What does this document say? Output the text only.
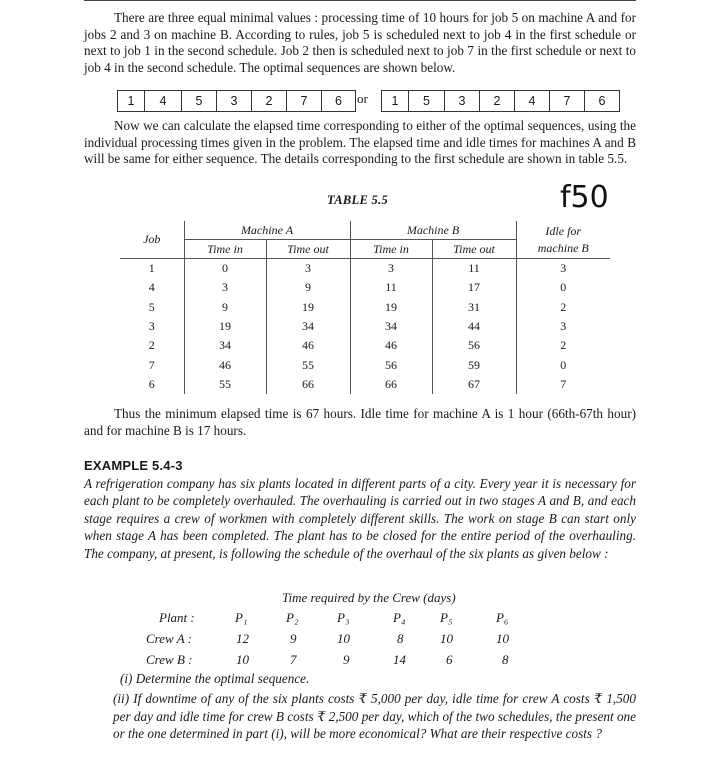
There are three equal minimal values : processing time of 10 hours for job 5 on machine A and for jobs 2 and 3 on machine B. According to rules, job 5 is scheduled next to job 4 in the first schedule or next to job 1 in the second schedule. Job 2 then is scheduled next to job 7 in the first schedule or next to job 4 in the second schedule. The optimal sequences are shown below.

1	4	5	3	2	7	6	or	1	5	3	2	4	7	6

Now we can calculate the elapsed time corresponding to either of the optimal sequences, using the individual processing times given in the problem. The elapsed time and idle times for machines A and B will be same for either sequence. The details corresponding to the first schedule are shown in table 5.5.

TABLE 5.5	f50
Job	Machine A		Machine B		Idle for
machine B
	Time in	Time out	Time in	Time out	
1	0	3	3	11	3
4	3	9	11	17	0
5	9	19	19	31	2
3	19	34	34	44	3
2	34	46	46	56	2
7	46	55	56	59	0
6	55	66	66	67	7

Thus the minimum elapsed time is 67 hours. Idle time for machine A is 1 hour (66th-67th hour) and for machine B is 17 hours.

EXAMPLE 5.4-3

A refrigeration company has six plants located in different parts of a city. Every year it is necessary for each plant to be completely overhauled. The overhauling is carried out in two stages A and B, and each stage requires a crew of workmen with completely different skills. The work on stage B can start only when stage A has been completed. The plant has to be closed for the entire period of the overhauling. The company, at present, is following the schedule of the overhaul of the six plants as given below :

Time required by the Crew (days)
Plant :	P₁	P₂	P₃	P₄	P₅	P₆
Crew A :	12	9	10	8	10	10
Crew B :	10	7	9	14	6	8

(i) Determine the optimal sequence.

(ii) If downtime of any of the six plants costs ₹ 5,000 per day, idle time for crew A costs ₹ 1,500 per day and idle time for crew B costs ₹ 2,500 per day, which of the two schedules, the present one or the one determined in part (i), will be more economical? What are their respective costs ?
